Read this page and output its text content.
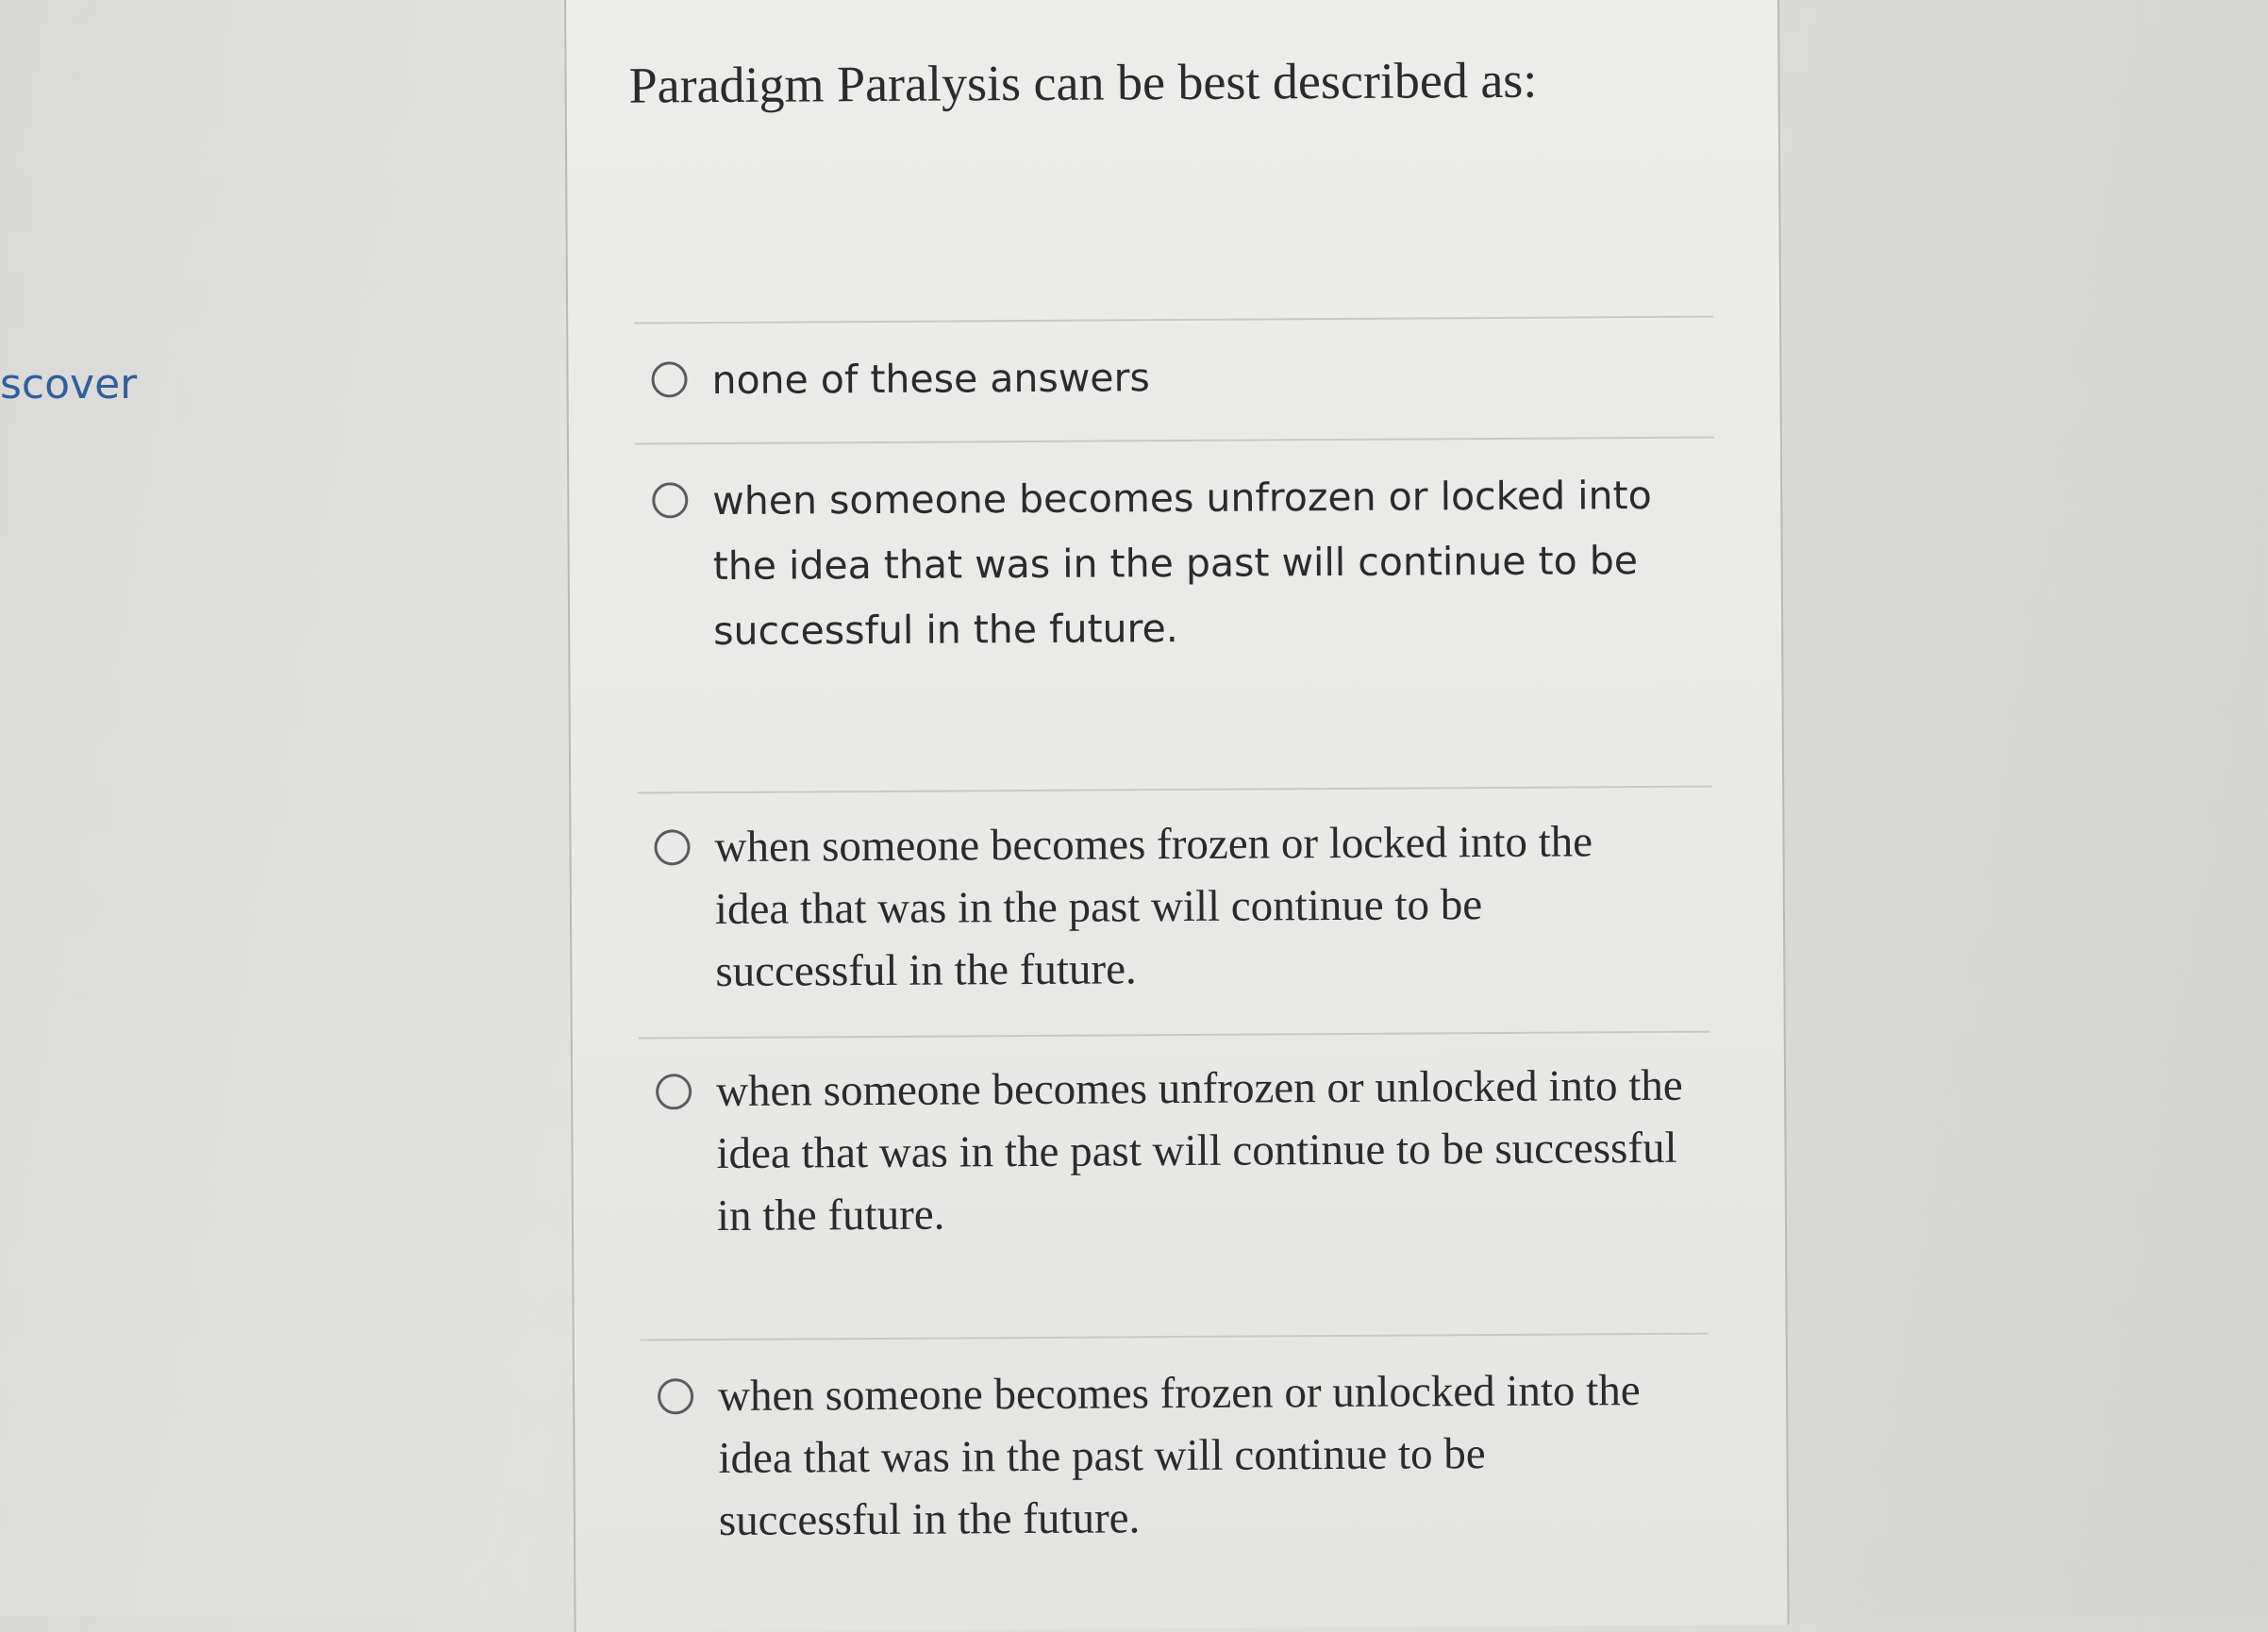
scover
Paradigm Paralysis can be best described as:
none of these answers
when someone becomes unfrozen or locked into the idea that was in the past will continue to be successful in the future.
when someone becomes frozen or locked into the idea that was in the past will continue to be successful in the future.
when someone becomes unfrozen or unlocked into the idea that was in the past will continue to be successful in the future.
when someone becomes frozen or unlocked into the idea that was in the past will continue to be successful in the future.
